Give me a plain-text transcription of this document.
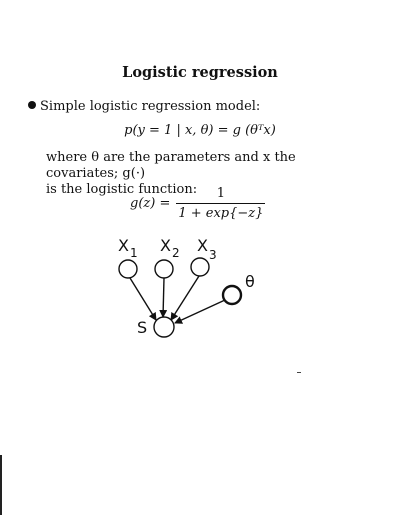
Logistic regression
Simple logistic regression model:
p(y = 1 | x, θ) = g (θᵀx)
where θ are the parameters and x the covariates; g(·)
is the logistic function:
$g(z) = \frac{1}{1 + \exp\{-z\}}$
$X_1$ $X_2$ $X_3$
θ
S
